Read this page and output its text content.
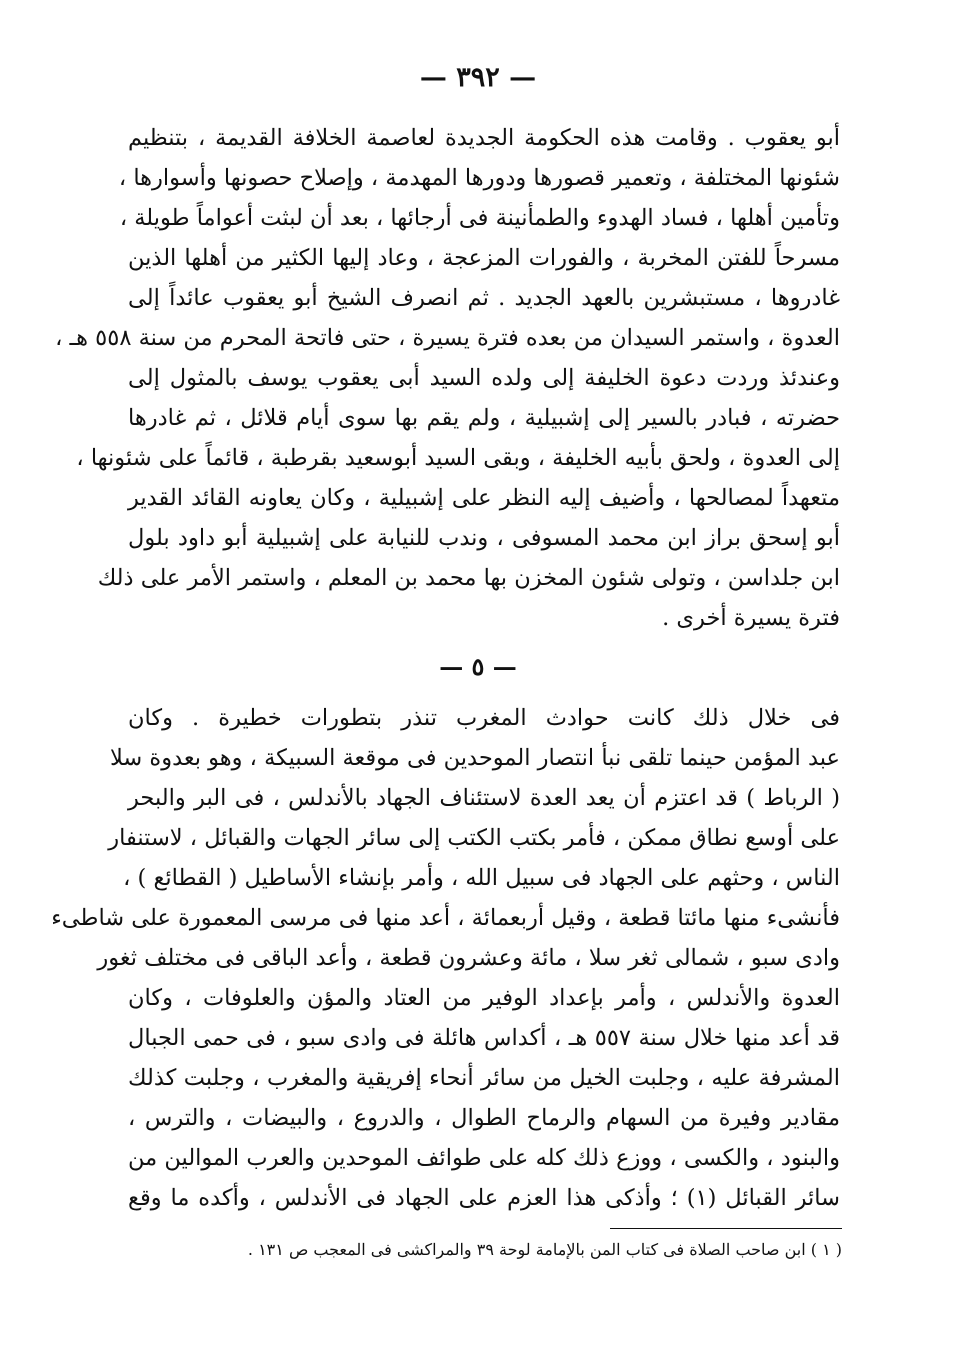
— ٣٩٢ —
أبو يعقوب . وقامت هذه الحكومة الجديدة لعاصمة الخلافة القديمة ، بتنظيم
شئونها المختلفة ، وتعمير قصورها ودورها المهدمة ، وإصلاح حصونها وأسوارها ،
وتأمين أهلها ، فساد الهدوء والطمأنينة فى أرجائها ، بعد أن لبثت أعواماً طويلة ،
مسرحاً للفتن المخربة ، والفورات المزعجة ، وعاد إليها الكثير من أهلها الذين
غادروها ، مستبشرين بالعهد الجديد . ثم انصرف الشيخ أبو يعقوب عائداً إلى
العدوة ، واستمر السيدان من بعده فترة يسيرة ، حتى فاتحة المحرم من سنة ٥٥٨ هـ ،
وعندئذ وردت دعوة الخليفة إلى ولده السيد أبى يعقوب يوسف بالمثول إلى
حضرته ، فبادر بالسير إلى إشبيلية ، ولم يقم بها سوى أيام قلائل ، ثم غادرها
إلى العدوة ، ولحق بأبيه الخليفة ، وبقى السيد أبوسعيد بقرطبة ، قائماً على شئونها ،
متعهداً لمصالحها ، وأضيف إليه النظر على إشبيلية ، وكان يعاونه القائد القدير
أبو إسحق براز ابن محمد المسوفى ، وندب للنيابة على إشبيلية أبو داود بلول
ابن جلداسن ، وتولى شئون المخزن بها محمد بن المعلم ، واستمر الأمر على ذلك
فترة يسيرة أخرى .
— ٥ —
فى خلال ذلك كانت حوادث المغرب تنذر بتطورات خطيرة . وكان
عبد المؤمن حينما تلقى نبأ انتصار الموحدين فى موقعة السبيكة ، وهو بعدوة سلا
( الرباط ) قد اعتزم أن يعد العدة لاستئناف الجهاد بالأندلس ، فى البر والبحر
على أوسع نطاق ممكن ، فأمر بكتب الكتب إلى سائر الجهات والقبائل ، لاستنفار
الناس ، وحثهم على الجهاد فى سبيل الله ، وأمر بإنشاء الأساطيل ( القطائع ) ،
فأنشىء منها مائتا قطعة ، وقيل أربعمائة ، أعد منها فى مرسى المعمورة على شاطىء
وادى سبو ، شمالى ثغر سلا ، مائة وعشرون قطعة ، وأعد الباقى فى مختلف ثغور
العدوة والأندلس ، وأمر بإعداد الوفير من العتاد والمؤن والعلوفات ، وكان
قد أعد منها خلال سنة ٥٥٧ هـ ، أكداس هائلة فى وادى سبو ، فى حمى الجبال
المشرفة عليه ، وجلبت الخيل من سائر أنحاء إفريقية والمغرب ، وجلبت كذلك
مقادير وفيرة من السهام والرماح الطوال ، والدروع ، والبيضات ، والترس ،
والبنود ، والكسى ، ووزع ذلك كله على طوائف الموحدين والعرب الموالين من
سائر القبائل (١) ؛ وأذكى هذا العزم على الجهاد فى الأندلس ، وأكده ما وقع
( ١ ) ابن صاحب الصلاة فى كتاب المن بالإمامة لوحة ٣٩ والمراكشى فى المعجب ص ١٣١ .
